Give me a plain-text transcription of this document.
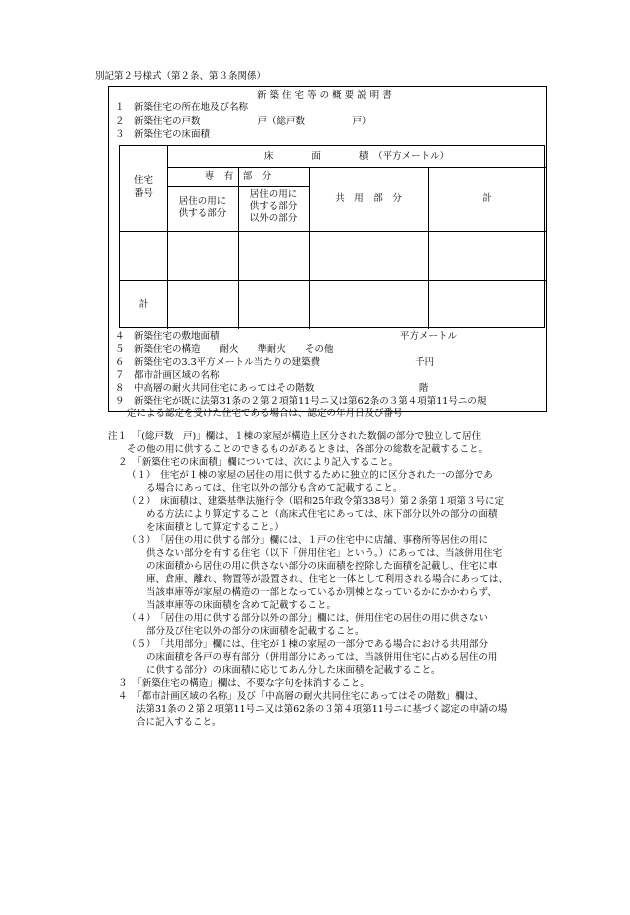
別記第２号様式（第２条、第３条関係）
新 築 住 宅 等 の 概 要 説 明 書
１　新築住宅の所在地及び名称
２　新築住宅の戸数　　　　　　戸（総戸数　　　　　戸）
３　新築住宅の床面積
住宅
番号
床　　　　面　　　　積　（平方メートル）
専　有　部　分
居住の用に
供する部分
居住の用に
供する部分
以外の部分
共　用　部　分	計
計
４　新築住宅の敷地面積　　　　　　　　　　　　　　　　　　　平方メートル
５　新築住宅の構造　　耐火　　準耐火　　その他
６　新築住宅の3.3平方メートル当たりの建築費　　　　　　　　　　千円
７　都市計画区域の名称
８　中高層の耐火共同住宅にあってはその階数　　　　　　　　　　　階
９　新築住宅が既に法第31条の２第２項第11号ニ又は第62条の３第４項第11号ニの規
定による認定を受けた住宅である場合は、認定の年月日及び番号
注１　「(総戸数　戸)」欄は、１棟の家屋が構造上区分された数個の部分で独立して居住
その他の用に供することのできるものがあるときは、各部分の総数を記載すること。
２　「新築住宅の床面積」欄については、次により記入すること。
（１）　住宅が１棟の家屋の居住の用に供するために独立的に区分された一の部分であ
る場合にあっては、住宅以外の部分も含めて記載すること。
（２）　床面積は、建築基準法施行令（昭和25年政令第338号）第２条第１項第３号に定
める方法により算定すること（高床式住宅にあっては、床下部分以外の部分の面積
を床面積として算定すること。）
（３）　「居住の用に供する部分」欄には、１戸の住宅中に店舗、事務所等居住の用に
供さない部分を有する住宅（以下「併用住宅」という。）にあっては、当該併用住宅
の床面積から居住の用に供さない部分の床面積を控除した面積を記載し、住宅に車
庫、倉庫、離れ、物置等が設置され、住宅と一体として利用される場合にあっては、
当該車庫等が家屋の構造の一部となっているか別棟となっているかにかかわらず、
当該車庫等の床面積を含めて記載すること。
（４）　「居住の用に供する部分以外の部分」欄には、併用住宅の居住の用に供さない
部分及び住宅以外の部分の床面積を記載すること。
（５）　「共用部分」欄には、住宅が１棟の家屋の一部分である場合における共用部分
の床面積を各戸の専有部分（併用部分にあっては、当該併用住宅に占める居住の用
に供する部分）の床面積に応じてあん分した床面積を記載すること。
３　「新築住宅の構造」欄は、不要な字句を抹消すること。
４　「都市計画区域の名称」及び「中高層の耐火共同住宅にあってはその階数」欄は、
法第31条の２第２項第11号ニ又は第62条の３第４項第11号ニに基づく認定の申請の場
合に記入すること。
